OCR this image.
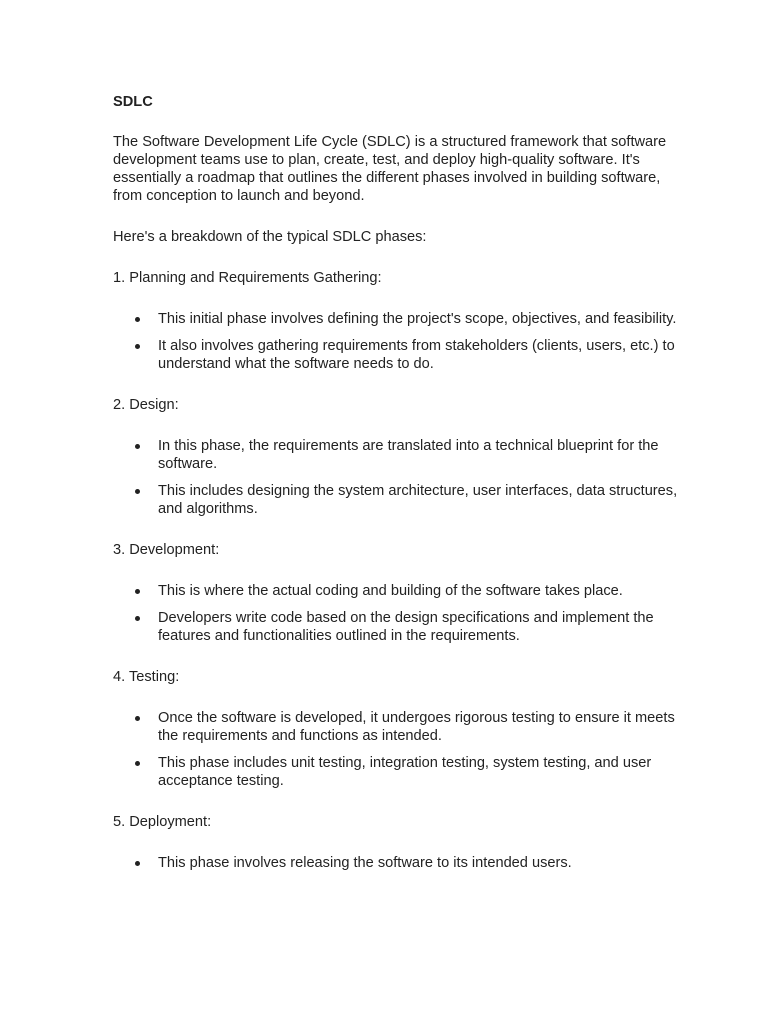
SDLC

The Software Development Life Cycle (SDLC) is a structured framework that software development teams use to plan, create, test, and deploy high-quality software. It's essentially a roadmap that outlines the different phases involved in building software, from conception to launch and beyond.

Here's a breakdown of the typical SDLC phases:

1. Planning and Requirements Gathering:

This initial phase involves defining the project's scope, objectives, and feasibility.
It also involves gathering requirements from stakeholders (clients, users, etc.) to understand what the software needs to do.

2. Design:

In this phase, the requirements are translated into a technical blueprint for the software.
This includes designing the system architecture, user interfaces, data structures, and algorithms.

3. Development:

This is where the actual coding and building of the software takes place.
Developers write code based on the design specifications and implement the features and functionalities outlined in the requirements.

4. Testing:

Once the software is developed, it undergoes rigorous testing to ensure it meets the requirements and functions as intended.
This phase includes unit testing, integration testing, system testing, and user acceptance testing.

5. Deployment:

This phase involves releasing the software to its intended users.
